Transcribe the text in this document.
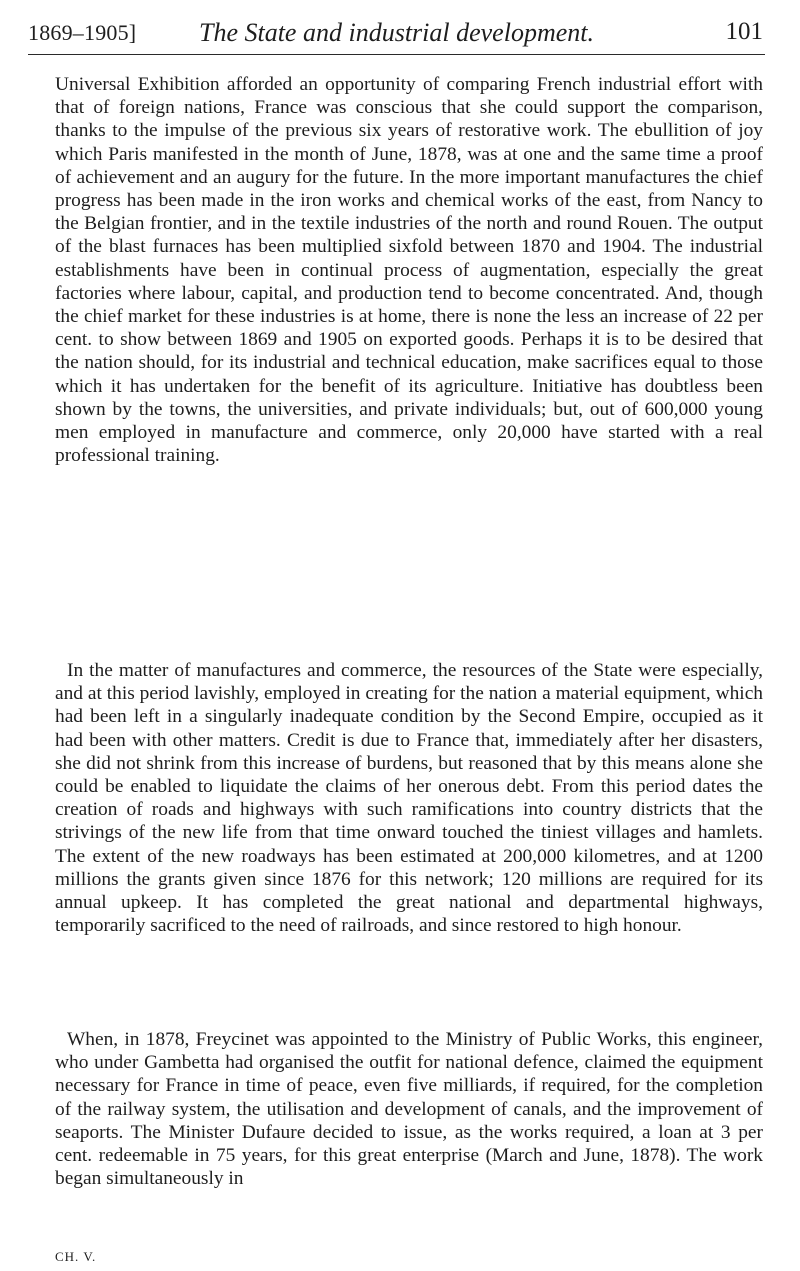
1869–1905]	The State and industrial development.	101

Universal Exhibition afforded an opportunity of comparing French industrial effort with that of foreign nations, France was conscious that she could support the comparison, thanks to the impulse of the previous six years of restorative work. The ebullition of joy which Paris manifested in the month of June, 1878, was at one and the same time a proof of achievement and an augury for the future. In the more important manufactures the chief progress has been made in the iron works and chemical works of the east, from Nancy to the Belgian frontier, and in the textile industries of the north and round Rouen. The output of the blast furnaces has been multiplied sixfold between 1870 and 1904. The industrial establishments have been in continual process of augmentation, especially the great factories where labour, capital, and production tend to become concentrated. And, though the chief market for these industries is at home, there is none the less an increase of 22 per cent. to show between 1869 and 1905 on exported goods. Perhaps it is to be desired that the nation should, for its industrial and technical education, make sacrifices equal to those which it has undertaken for the benefit of its agriculture. Initiative has doubtless been shown by the towns, the universities, and private individuals; but, out of 600,000 young men employed in manufacture and commerce, only 20,000 have started with a real professional training.

In the matter of manufactures and commerce, the resources of the State were especially, and at this period lavishly, employed in creating for the nation a material equipment, which had been left in a singularly inadequate condition by the Second Empire, occupied as it had been with other matters. Credit is due to France that, immediately after her disasters, she did not shrink from this increase of burdens, but reasoned that by this means alone she could be enabled to liquidate the claims of her onerous debt. From this period dates the creation of roads and highways with such ramifications into country districts that the strivings of the new life from that time onward touched the tiniest villages and hamlets. The extent of the new roadways has been estimated at 200,000 kilometres, and at 1200 millions the grants given since 1876 for this network; 120 millions are required for its annual upkeep. It has completed the great national and departmental highways, temporarily sacrificed to the need of railroads, and since restored to high honour.

When, in 1878, Freycinet was appointed to the Ministry of Public Works, this engineer, who under Gambetta had organised the outfit for national defence, claimed the equipment necessary for France in time of peace, even five milliards, if required, for the completion of the railway system, the utilisation and development of canals, and the improvement of seaports. The Minister Dufaure decided to issue, as the works required, a loan at 3 per cent. redeemable in 75 years, for this great enterprise (March and June, 1878). The work began simultaneously in

CH. V.
